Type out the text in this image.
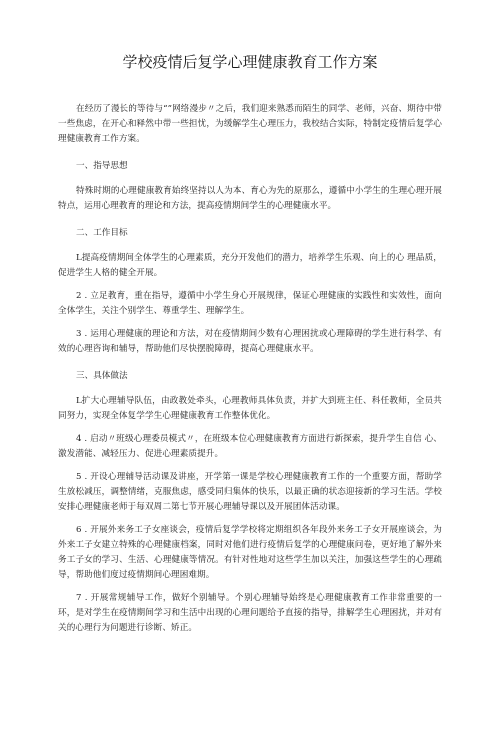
学校疫情后复学心理健康教育工作方案

在经历了漫长的等待与“”网络漫步〃之后，我们迎来熟悉而陌生的同学、老师，兴奋、期待中带一些焦虑，在开心和释然中带一些担忧，为缓解学生心理压力，我校结合实际，特制定疫情后复学心理健康教育工作方案。

一、指导思想

特殊时期的心理健康教育始终坚持以人为本、育心为先的原那么，遵循中小学生的生理心理开展特点，运用心理教育的理论和方法，提高疫情期间学生的心理健康水平。

二、工作目标

L提高疫情期间全体学生的心理素质，充分开发他们的潜力，培养学生乐观、向上的心 理品质，促进学生人格的健全开展。

2 . 立足教育，重在指导，遵循中小学生身心开展规律，保证心理健康的实践性和实效性，面向全体学生，关注个别学生、尊重学生、理解学生。

3 . 运用心理健康的理论和方法，对在疫情期间少数有心理困扰或心理障碍的学生进行科学、有效的心理咨询和辅导，帮助他们尽快摆脱障碍，提高心理健康水平。

三、具体做法

L扩大心理辅导队伍，由政教处牵头，心理教师具体负责，并扩大到班主任、科任教师，全员共同努力，实现全体复学学生心理健康教育工作整体优化。

4 . 启动〃班级心理委员模式〃，在班级本位心理健康教育方面进行新探索，提升学生自信 心、激发潜能、减轻压力、促进心理素质提升。

5 . 开设心理辅导活动课及讲座，开学第一课是学校心理健康教育工作的一个重要方面，帮助学生放松减压，调整情绪，克服焦虑，感受同归集体的快乐，以最正确的状态迎接新的学习生活。学校安排心理健康老师于每双周二第七节开展心理辅导课以及开展团体活动课。

6 . 开展外来务工子女座谈会，疫情后复学学校将定期组织各年段外来务工子女开展座谈会，为外来工子女建立特殊的心理健康档案，同时对他们进行疫情后复学的心理健康问卷，更好地了解外来务工子女的学习、生活、心理健康等情况。有针对性地对这些学生加以关注，加强这些学生的心理疏导，帮助他们度过疫情期间心理困难期。

7 . 开展常规辅导工作，做好个别辅导。个别心理辅导始终是心理健康教育工作非常重要的一环，是对学生在疫情期间学习和生活中出现的心理问题给予直接的指导，排解学生心理困扰，并对有关的心理行为问题进行诊断、矫正。
